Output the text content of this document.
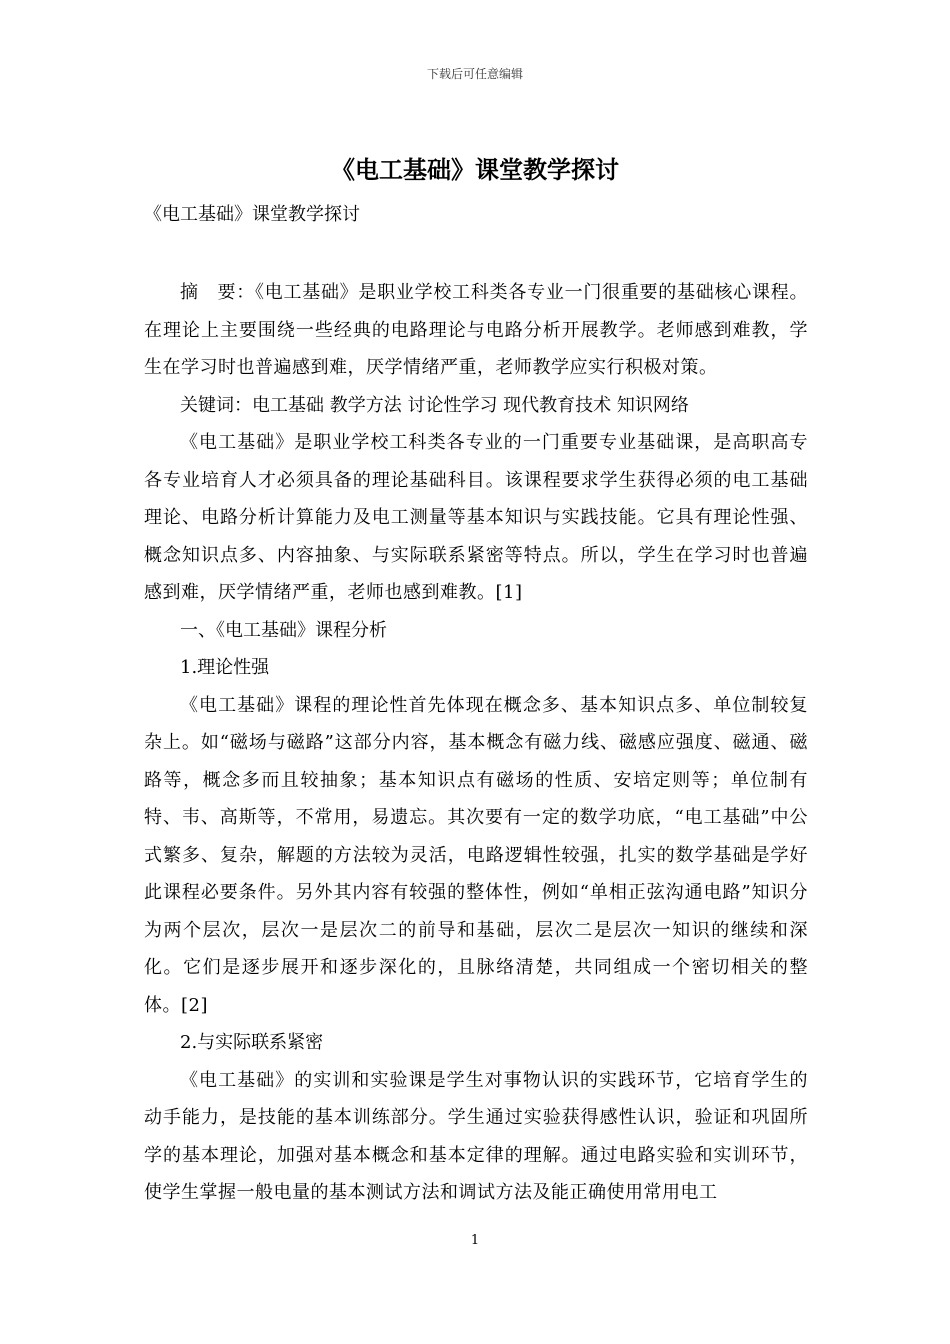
下载后可任意编辑
《电工基础》课堂教学探讨

《电工基础》课堂教学探讨

摘　要：《电工基础》是职业学校工科类各专业一门很重要的基础核心课程。在理论上主要围绕一些经典的电路理论与电路分析开展教学。老师感到难教，学生在学习时也普遍感到难，厌学情绪严重，老师教学应实行积极对策。

关键词：电工基础 教学方法 讨论性学习 现代教育技术 知识网络

《电工基础》是职业学校工科类各专业的一门重要专业基础课，是高职高专各专业培育人才必须具备的理论基础科目。该课程要求学生获得必须的电工基础理论、电路分析计算能力及电工测量等基本知识与实践技能。它具有理论性强、概念知识点多、内容抽象、与实际联系紧密等特点。所以，学生在学习时也普遍感到难，厌学情绪严重，老师也感到难教。[1]

一、《电工基础》课程分析

1.理论性强

《电工基础》课程的理论性首先体现在概念多、基本知识点多、单位制较复杂上。如“磁场与磁路”这部分内容，基本概念有磁力线、磁感应强度、磁通、磁路等，概念多而且较抽象；基本知识点有磁场的性质、安培定则等；单位制有特、韦、高斯等，不常用，易遗忘。其次要有一定的数学功底，“电工基础”中公式繁多、复杂，解题的方法较为灵活，电路逻辑性较强，扎实的数学基础是学好此课程必要条件。另外其内容有较强的整体性，例如“单相正弦沟通电路”知识分为两个层次，层次一是层次二的前导和基础，层次二是层次一知识的继续和深化。它们是逐步展开和逐步深化的，且脉络清楚，共同组成一个密切相关的整体。[2]

2.与实际联系紧密

《电工基础》的实训和实验课是学生对事物认识的实践环节，它培育学生的动手能力，是技能的基本训练部分。学生通过实验获得感性认识，验证和巩固所学的基本理论，加强对基本概念和基本定律的理解。通过电路实验和实训环节，使学生掌握一般电量的基本测试方法和调试方法及能正确使用常用电工

1
